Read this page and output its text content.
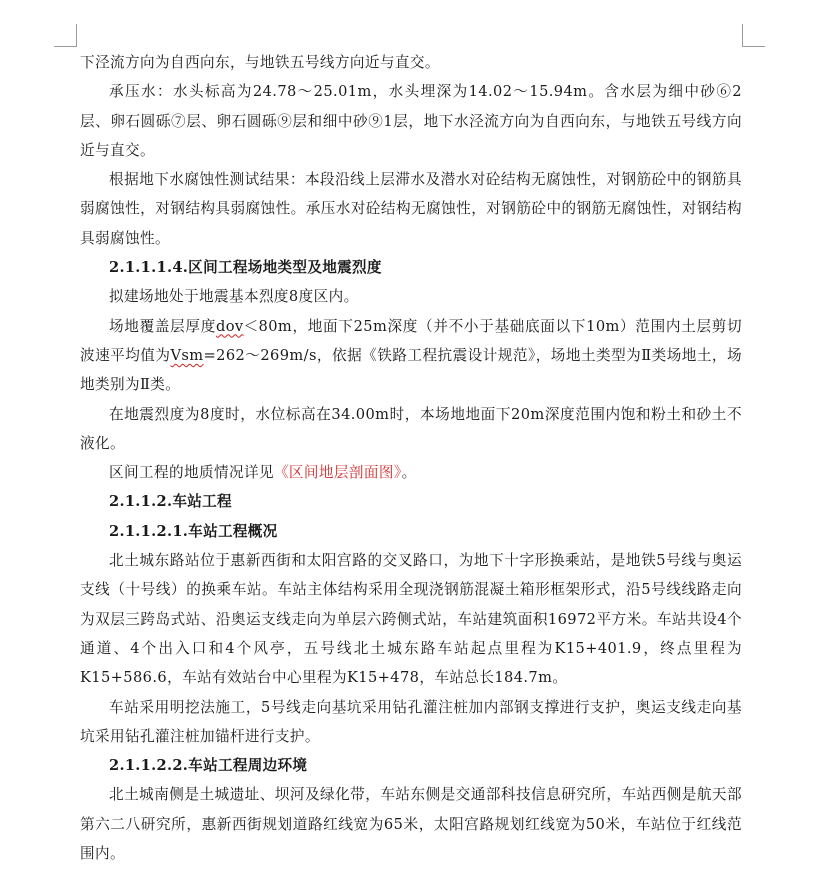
下泾流方向为自西向东，与地铁五号线方向近与直交。

承压水：水头标高为24.78～25.01m，水头埋深为14.02～15.94m。含水层为细中砂⑥2层、卵石圆砾⑦层、卵石圆砾⑨层和细中砂⑨1层，地下水泾流方向为自西向东，与地铁五号线方向近与直交。

根据地下水腐蚀性测试结果：本段沿线上层滞水及潜水对砼结构无腐蚀性，对钢筋砼中的钢筋具弱腐蚀性，对钢结构具弱腐蚀性。承压水对砼结构无腐蚀性，对钢筋砼中的钢筋无腐蚀性，对钢结构具弱腐蚀性。

2.1.1.1.4.区间工程场地类型及地震烈度

拟建场地处于地震基本烈度8度区内。

场地覆盖层厚度dov＜80m，地面下25m深度（并不小于基础底面以下10m）范围内土层剪切波速平均值为Vsm=262～269m/s，依据《铁路工程抗震设计规范》，场地土类型为Ⅱ类场地土，场地类别为Ⅱ类。

在地震烈度为8度时，水位标高在34.00m时，本场地地面下20m深度范围内饱和粉土和砂土不液化。

区间工程的地质情况详见《区间地层剖面图》。

2.1.1.2.车站工程

2.1.1.2.1.车站工程概况

北土城东路站位于惠新西街和太阳宫路的交叉路口，为地下十字形换乘站，是地铁5号线与奥运支线（十号线）的换乘车站。车站主体结构采用全现浇钢筋混凝土箱形框架形式，沿5号线线路走向为双层三跨岛式站、沿奥运支线走向为单层六跨侧式站，车站建筑面积16972平方米。车站共设4个通道、4个出入口和4个风亭，五号线北土城东路车站起点里程为K15+401.9，终点里程为K15+586.6，车站有效站台中心里程为K15+478，车站总长184.7m。

车站采用明挖法施工，5号线走向基坑采用钻孔灌注桩加内部钢支撑进行支护，奥运支线走向基坑采用钻孔灌注桩加锚杆进行支护。

2.1.1.2.2.车站工程周边环境

北土城南侧是土城遗址、坝河及绿化带，车站东侧是交通部科技信息研究所，车站西侧是航天部第六二八研究所，惠新西街规划道路红线宽为65米，太阳宫路规划红线宽为50米，车站位于红线范围内。
